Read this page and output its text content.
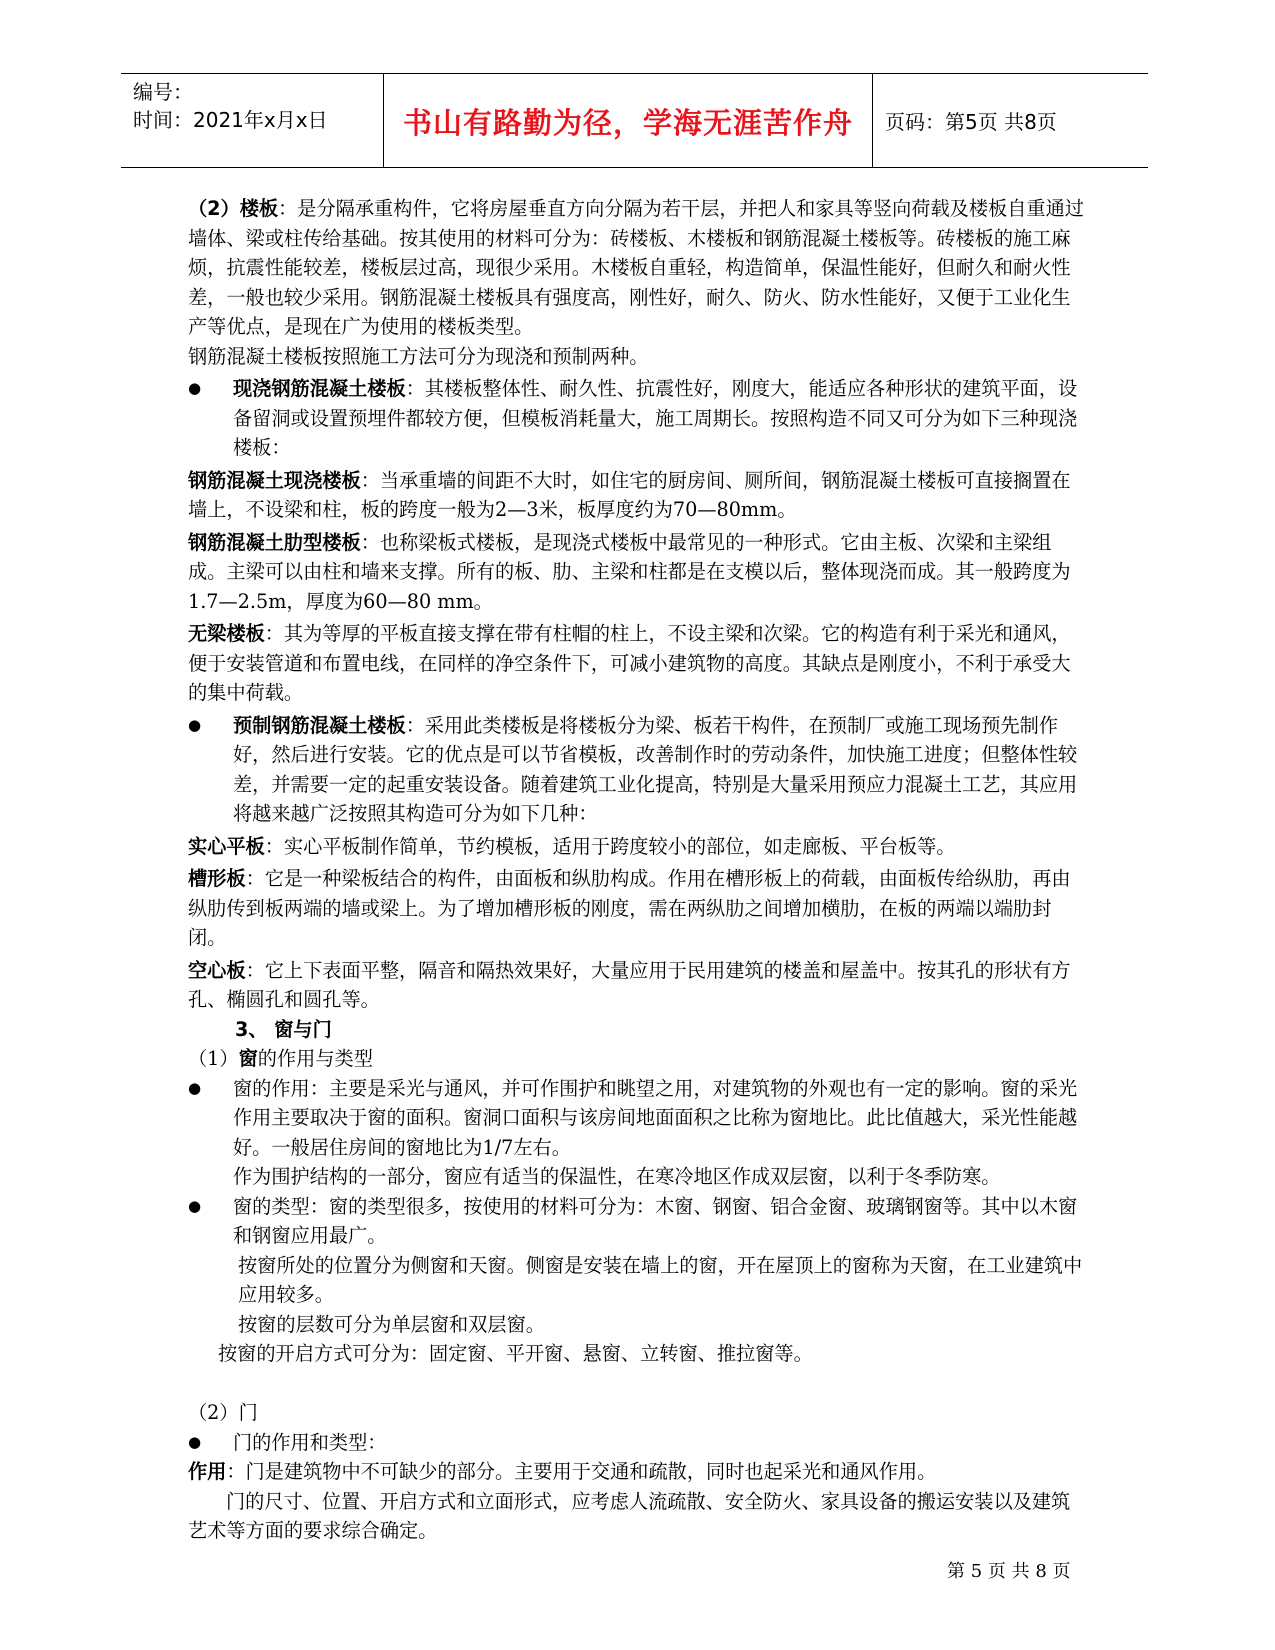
编号：
时间：2021年x月x日	书山有路勤为径，学海无涯苦作舟	页码：第5页 共8页

（2）楼板：是分隔承重构件，它将房屋垂直方向分隔为若干层，并把人和家具等竖向荷载及楼板自重通过墙体、梁或柱传给基础。按其使用的材料可分为：砖楼板、木楼板和钢筋混凝土楼板等。砖楼板的施工麻烦，抗震性能较差，楼板层过高，现很少采用。木楼板自重轻，构造简单，保温性能好，但耐久和耐火性差，一般也较少采用。钢筋混凝土楼板具有强度高，刚性好，耐久、防火、防水性能好，又便于工业化生产等优点，是现在广为使用的楼板类型。

钢筋混凝土楼板按照施工方法可分为现浇和预制两种。

● 现浇钢筋混凝土楼板：其楼板整体性、耐久性、抗震性好，刚度大，能适应各种形状的建筑平面，设备留洞或设置预埋件都较方便，但模板消耗量大，施工周期长。按照构造不同又可分为如下三种现浇楼板：

钢筋混凝土现浇楼板：当承重墙的间距不大时，如住宅的厨房间、厕所间，钢筋混凝土楼板可直接搁置在墙上，不设梁和柱，板的跨度一般为2—3米，板厚度约为70—80mm。

钢筋混凝土肋型楼板：也称梁板式楼板，是现浇式楼板中最常见的一种形式。它由主板、次梁和主梁组成。主梁可以由柱和墙来支撑。所有的板、肋、主梁和柱都是在支模以后，整体现浇而成。其一般跨度为1.7—2.5m，厚度为60—80 mm。

无梁楼板：其为等厚的平板直接支撑在带有柱帽的柱上，不设主梁和次梁。它的构造有利于采光和通风，便于安装管道和布置电线，在同样的净空条件下，可减小建筑物的高度。其缺点是刚度小，不利于承受大的集中荷载。

● 预制钢筋混凝土楼板：采用此类楼板是将楼板分为梁、板若干构件，在预制厂或施工现场预先制作好，然后进行安装。它的优点是可以节省模板，改善制作时的劳动条件，加快施工进度；但整体性较差，并需要一定的起重安装设备。随着建筑工业化提高，特别是大量采用预应力混凝土工艺，其应用将越来越广泛按照其构造可分为如下几种：

实心平板：实心平板制作简单，节约模板，适用于跨度较小的部位，如走廊板、平台板等。

槽形板：它是一种梁板结合的构件，由面板和纵肋构成。作用在槽形板上的荷载，由面板传给纵肋，再由纵肋传到板两端的墙或梁上。为了增加槽形板的刚度，需在两纵肋之间增加横肋，在板的两端以端肋封闭。

空心板：它上下表面平整，隔音和隔热效果好，大量应用于民用建筑的楼盖和屋盖中。按其孔的形状有方孔、椭圆孔和圆孔等。

3、 窗与门

（1）窗的作用与类型

● 窗的作用：主要是采光与通风，并可作围护和眺望之用，对建筑物的外观也有一定的影响。窗的采光作用主要取决于窗的面积。窗洞口面积与该房间地面面积之比称为窗地比。此比值越大，采光性能越好。一般居住房间的窗地比为1/7左右。

作为围护结构的一部分，窗应有适当的保温性，在寒冷地区作成双层窗，以利于冬季防寒。

● 窗的类型：窗的类型很多，按使用的材料可分为：木窗、钢窗、铝合金窗、玻璃钢窗等。其中以木窗和钢窗应用最广。

按窗所处的位置分为侧窗和天窗。侧窗是安装在墙上的窗，开在屋顶上的窗称为天窗，在工业建筑中应用较多。

按窗的层数可分为单层窗和双层窗。

按窗的开启方式可分为：固定窗、平开窗、悬窗、立转窗、推拉窗等。

（2）门

● 门的作用和类型：

作用：门是建筑物中不可缺少的部分。主要用于交通和疏散，同时也起采光和通风作用。

门的尺寸、位置、开启方式和立面形式，应考虑人流疏散、安全防火、家具设备的搬运安装以及建筑艺术等方面的要求综合确定。

第 5 页 共 8 页
